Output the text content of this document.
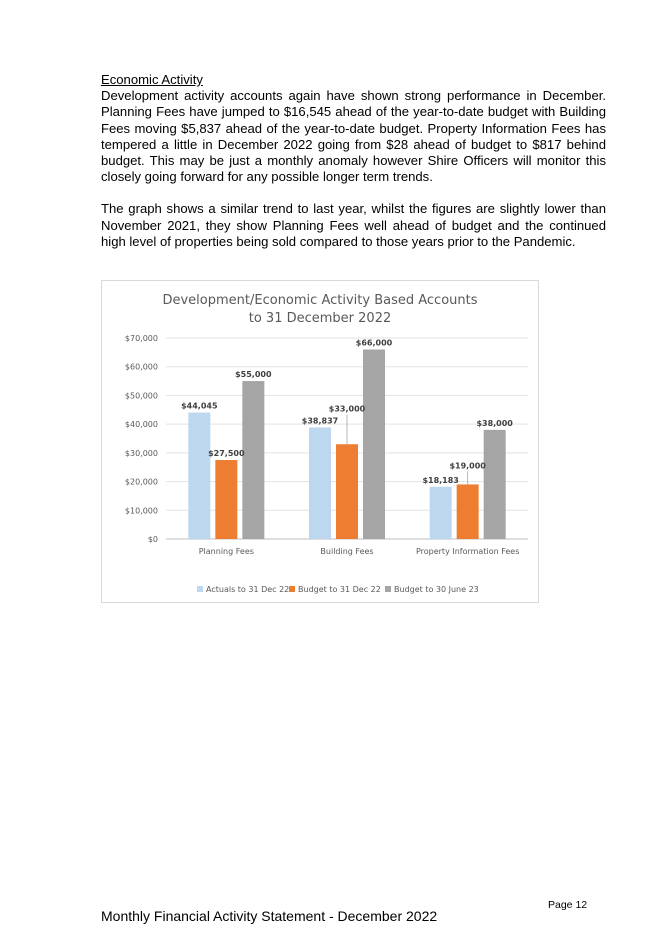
Economic Activity

Development activity accounts again have shown strong performance in December. Planning Fees have jumped to $16,545 ahead of the year-to-date budget with Building Fees moving $5,837 ahead of the year-to-date budget. Property Information Fees has tempered a little in December 2022 going from $28 ahead of budget to $817 behind budget. This may be just a monthly anomaly however Shire Officers will monitor this closely going forward for any possible longer term trends.

The graph shows a similar trend to last year, whilst the figures are slightly lower than November 2021, they show Planning Fees well ahead of budget and the continued high level of properties being sold compared to those years prior to the Pandemic.

Development/Economic Activity Based Accounts
to 31 December 2022
$44,045
$27,500
$55,000
$38,837
$33,000
$66,000
$18,183
$19,000
$38,000
$0
$10,000
$20,000
$30,000
$40,000
$50,000
$60,000
$70,000
Planning Fees	Building Fees	Property Information Fees
Actuals to 31 Dec 22 Budget to 31 Dec 22 Budget to 30 June 23
Page 12
Monthly Financial Activity Statement - December 2022
